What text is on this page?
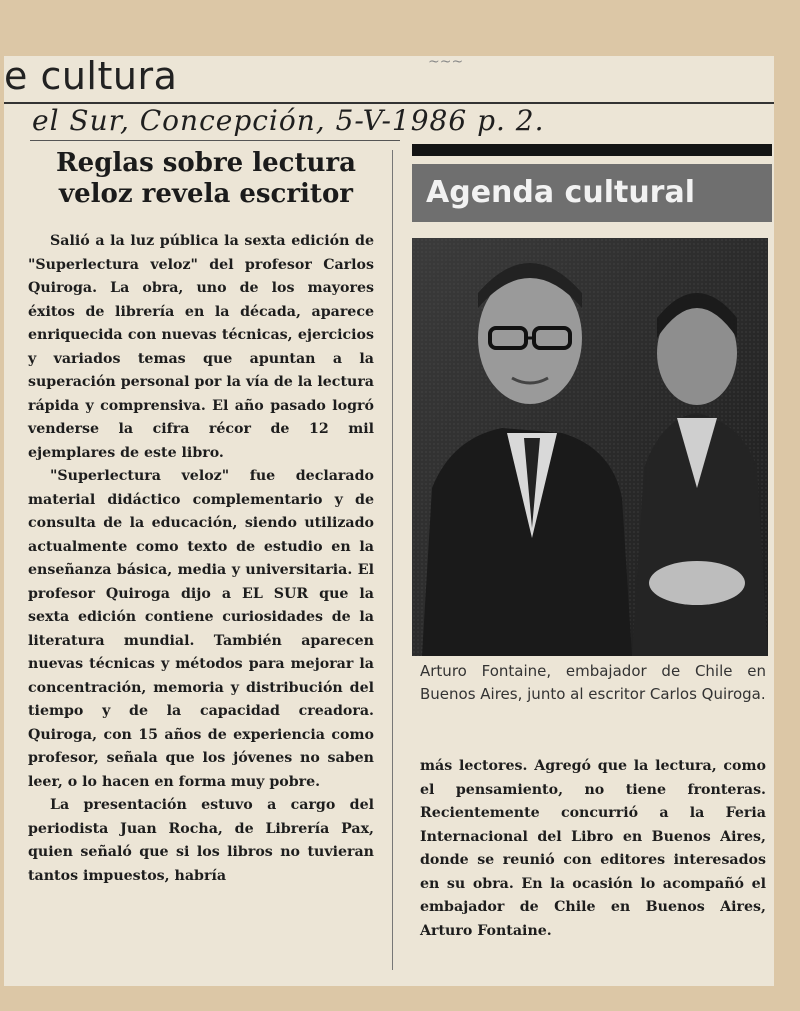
e cultura	~~~
el Sur, Concepción, 5-V-1986 p. 2.
Reglas sobre lectura veloz revela escritor

Salió a la luz pública la sexta edición de "Superlectura veloz" del profesor Carlos Quiroga. La obra, uno de los mayores éxitos de librería en la década, aparece enriquecida con nuevas técnicas, ejercicios y variados temas que apuntan a la superación personal por la vía de la lectura rápida y comprensiva. El año pasado logró venderse la cifra récor de 12 mil ejemplares de este libro.

"Superlectura veloz" fue declarado material didáctico complementario y de consulta de la educación, siendo utilizado actualmente como texto de estudio en la enseñanza básica, media y universitaria. El profesor Quiroga dijo a EL SUR que la sexta edición contiene curiosidades de la literatura mundial. También aparecen nuevas técnicas y métodos para mejorar la concentración, memoria y distribución del tiempo y de la capacidad creadora. Quiroga, con 15 años de experiencia como profesor, señala que los jóvenes no saben leer, o lo hacen en forma muy pobre.

La presentación estuvo a cargo del periodista Juan Rocha, de Librería Pax, quien señaló que si los libros no tuvieran tantos impuestos, habría

Agenda cultural
Arturo Fontaine, embajador de Chile en Buenos Aires, junto al escritor Carlos Quiroga.

más lectores. Agregó que la lectura, como el pensamiento, no tiene fronteras. Recientemente concurrió a la Feria Internacional del Libro en Buenos Aires, donde se reunió con editores interesados en su obra. En la ocasión lo acompañó el embajador de Chile en Buenos Aires, Arturo Fontaine.
